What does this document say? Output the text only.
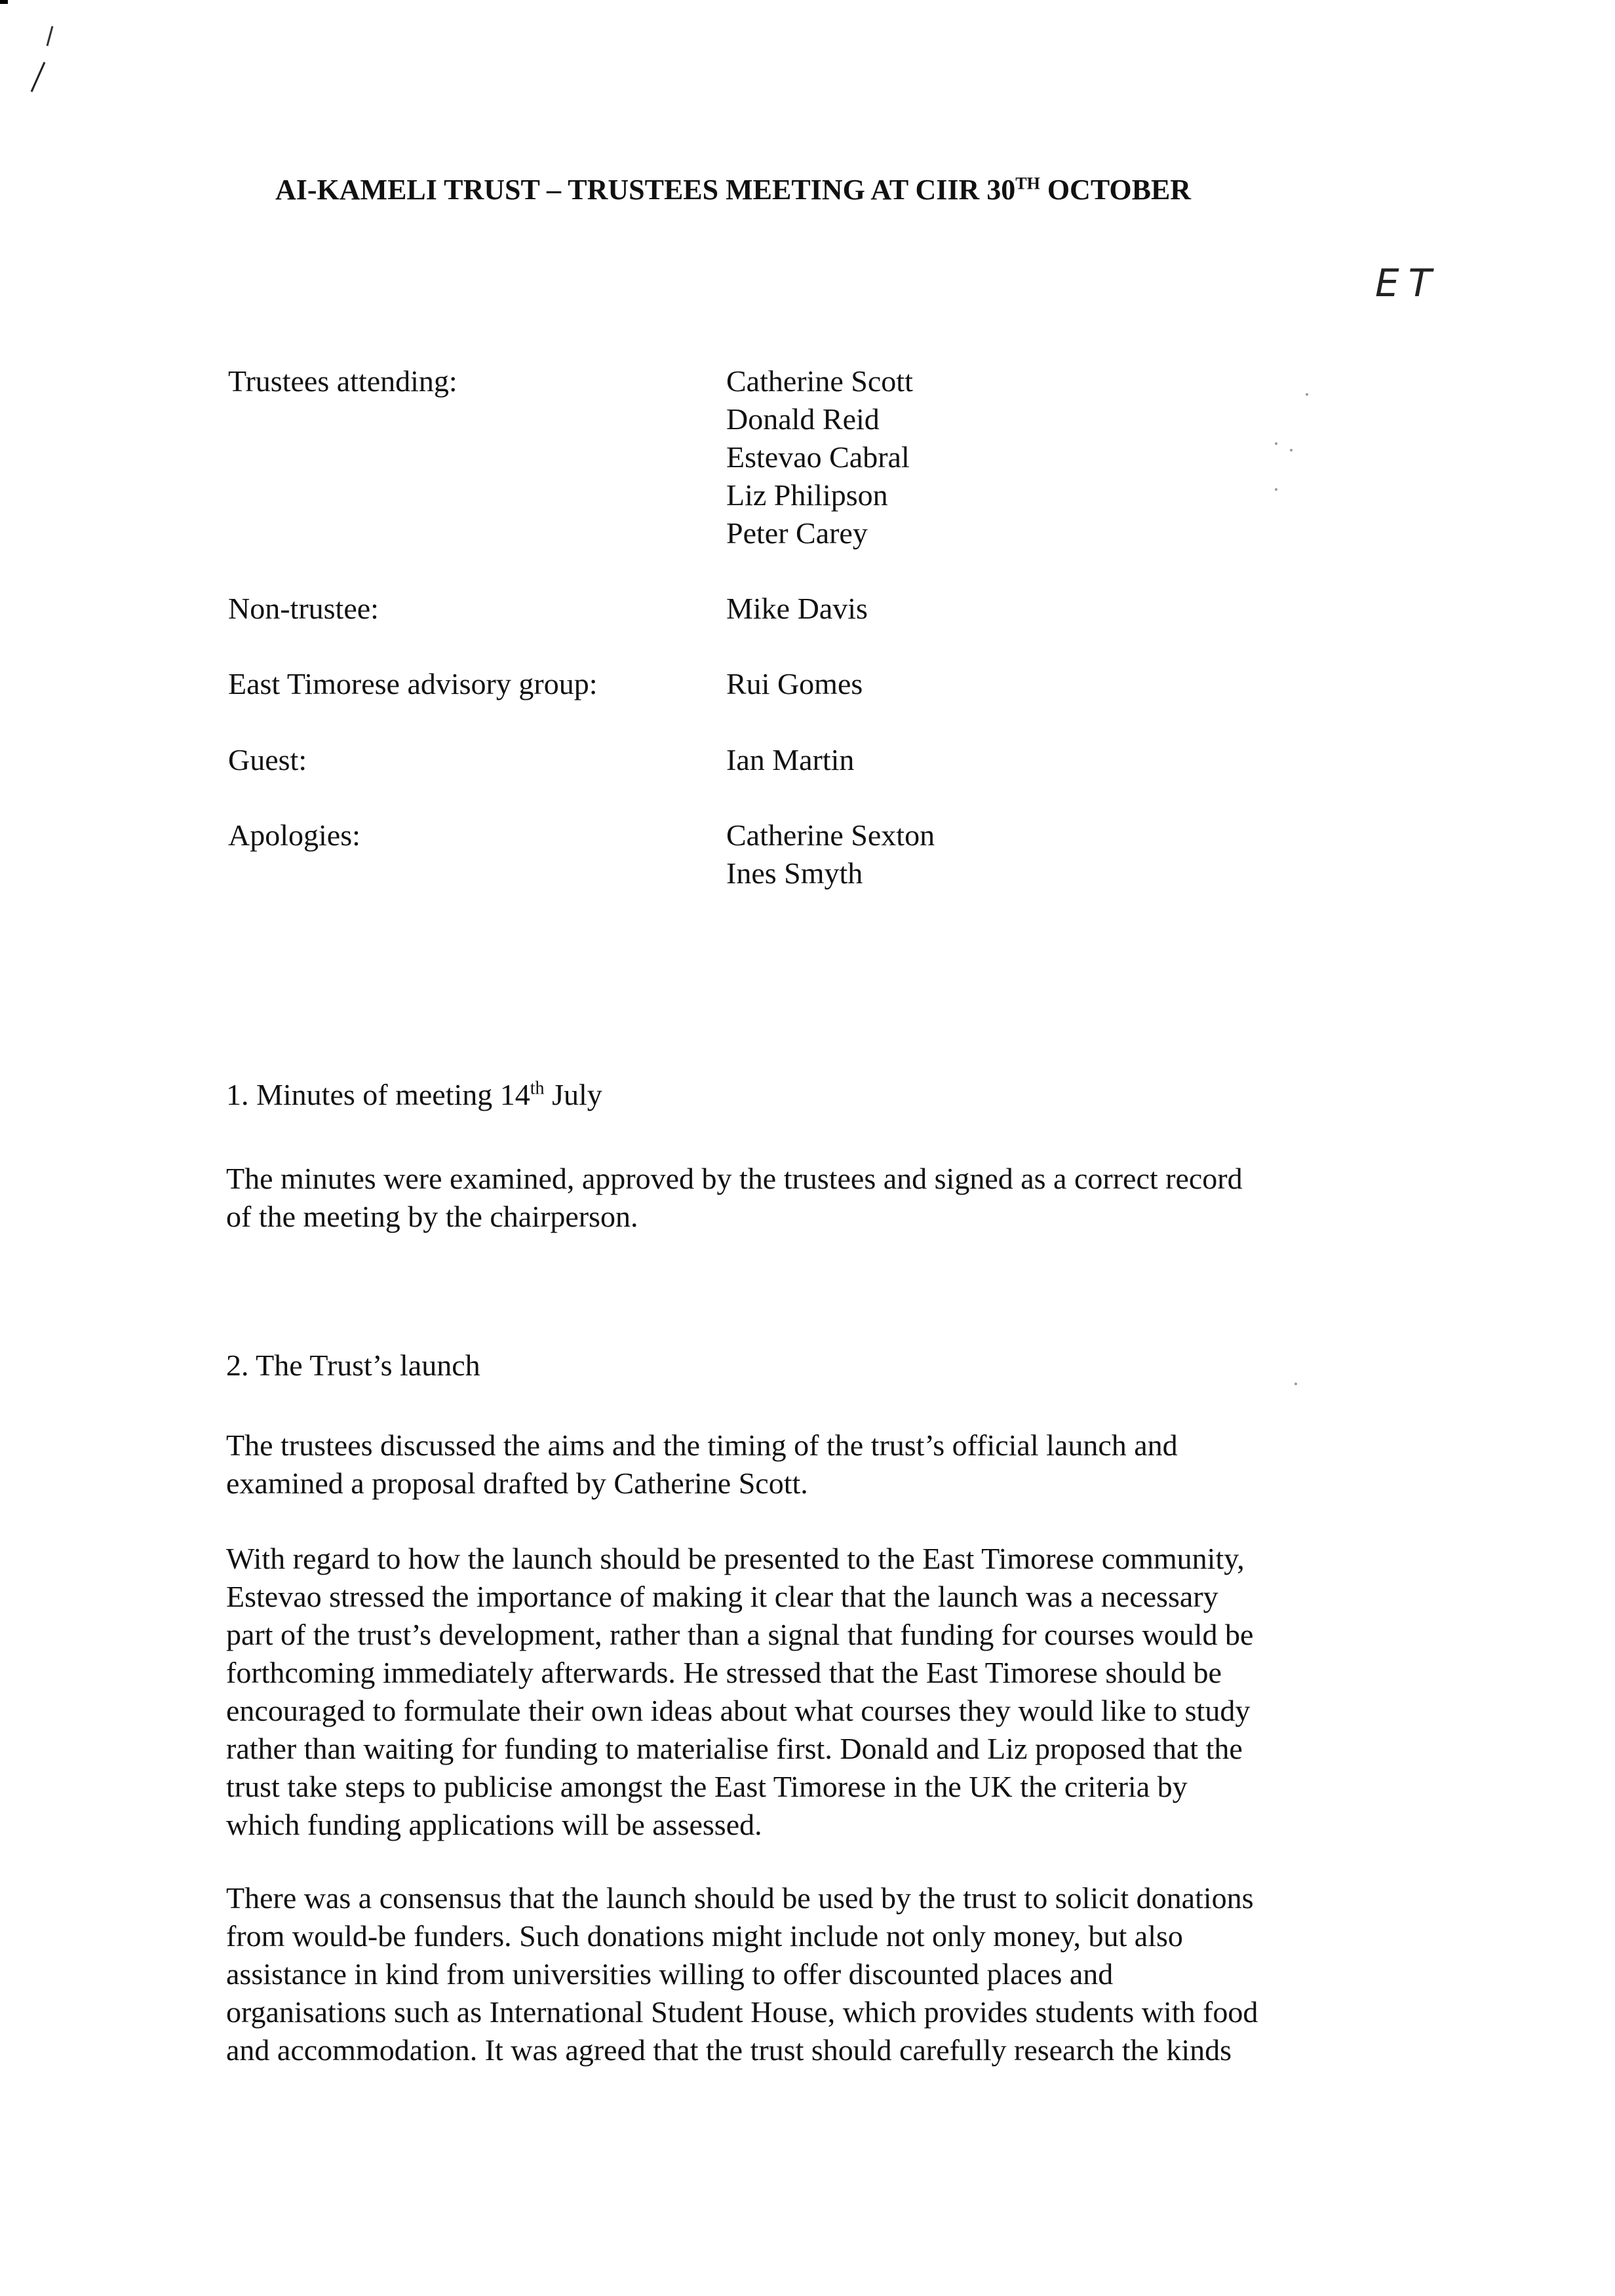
ET
AI-KAMELI TRUST – TRUSTEES MEETING AT CIIR 30TH OCTOBER
Trustees attending:	Catherine Scott
Donald Reid
Estevao Cabral
Liz Philipson
Peter Carey
Non-trustee:	Mike Davis
East Timorese advisory group:	Rui Gomes
Guest:	Ian Martin
Apologies:	Catherine Sexton
Ines Smyth
1. Minutes of meeting 14th July
The minutes were examined, approved by the trustees and signed as a correct record
of the meeting by the chairperson.
2. The Trust’s launch
The trustees discussed the aims and the timing of the trust’s official launch and
examined a proposal drafted by Catherine Scott.
With regard to how the launch should be presented to the East Timorese community,
Estevao stressed the importance of making it clear that the launch was a necessary
part of the trust’s development, rather than a signal that funding for courses would be
forthcoming immediately afterwards. He stressed that the East Timorese should be
encouraged to formulate their own ideas about what courses they would like to study
rather than waiting for funding to materialise first. Donald and Liz proposed that the
trust take steps to publicise amongst the East Timorese in the UK the criteria by
which funding applications will be assessed.
There was a consensus that the launch should be used by the trust to solicit donations
from would-be funders. Such donations might include not only money, but also
assistance in kind from universities willing to offer discounted places and
organisations such as International Student House, which provides students with food
and accommodation. It was agreed that the trust should carefully research the kinds
